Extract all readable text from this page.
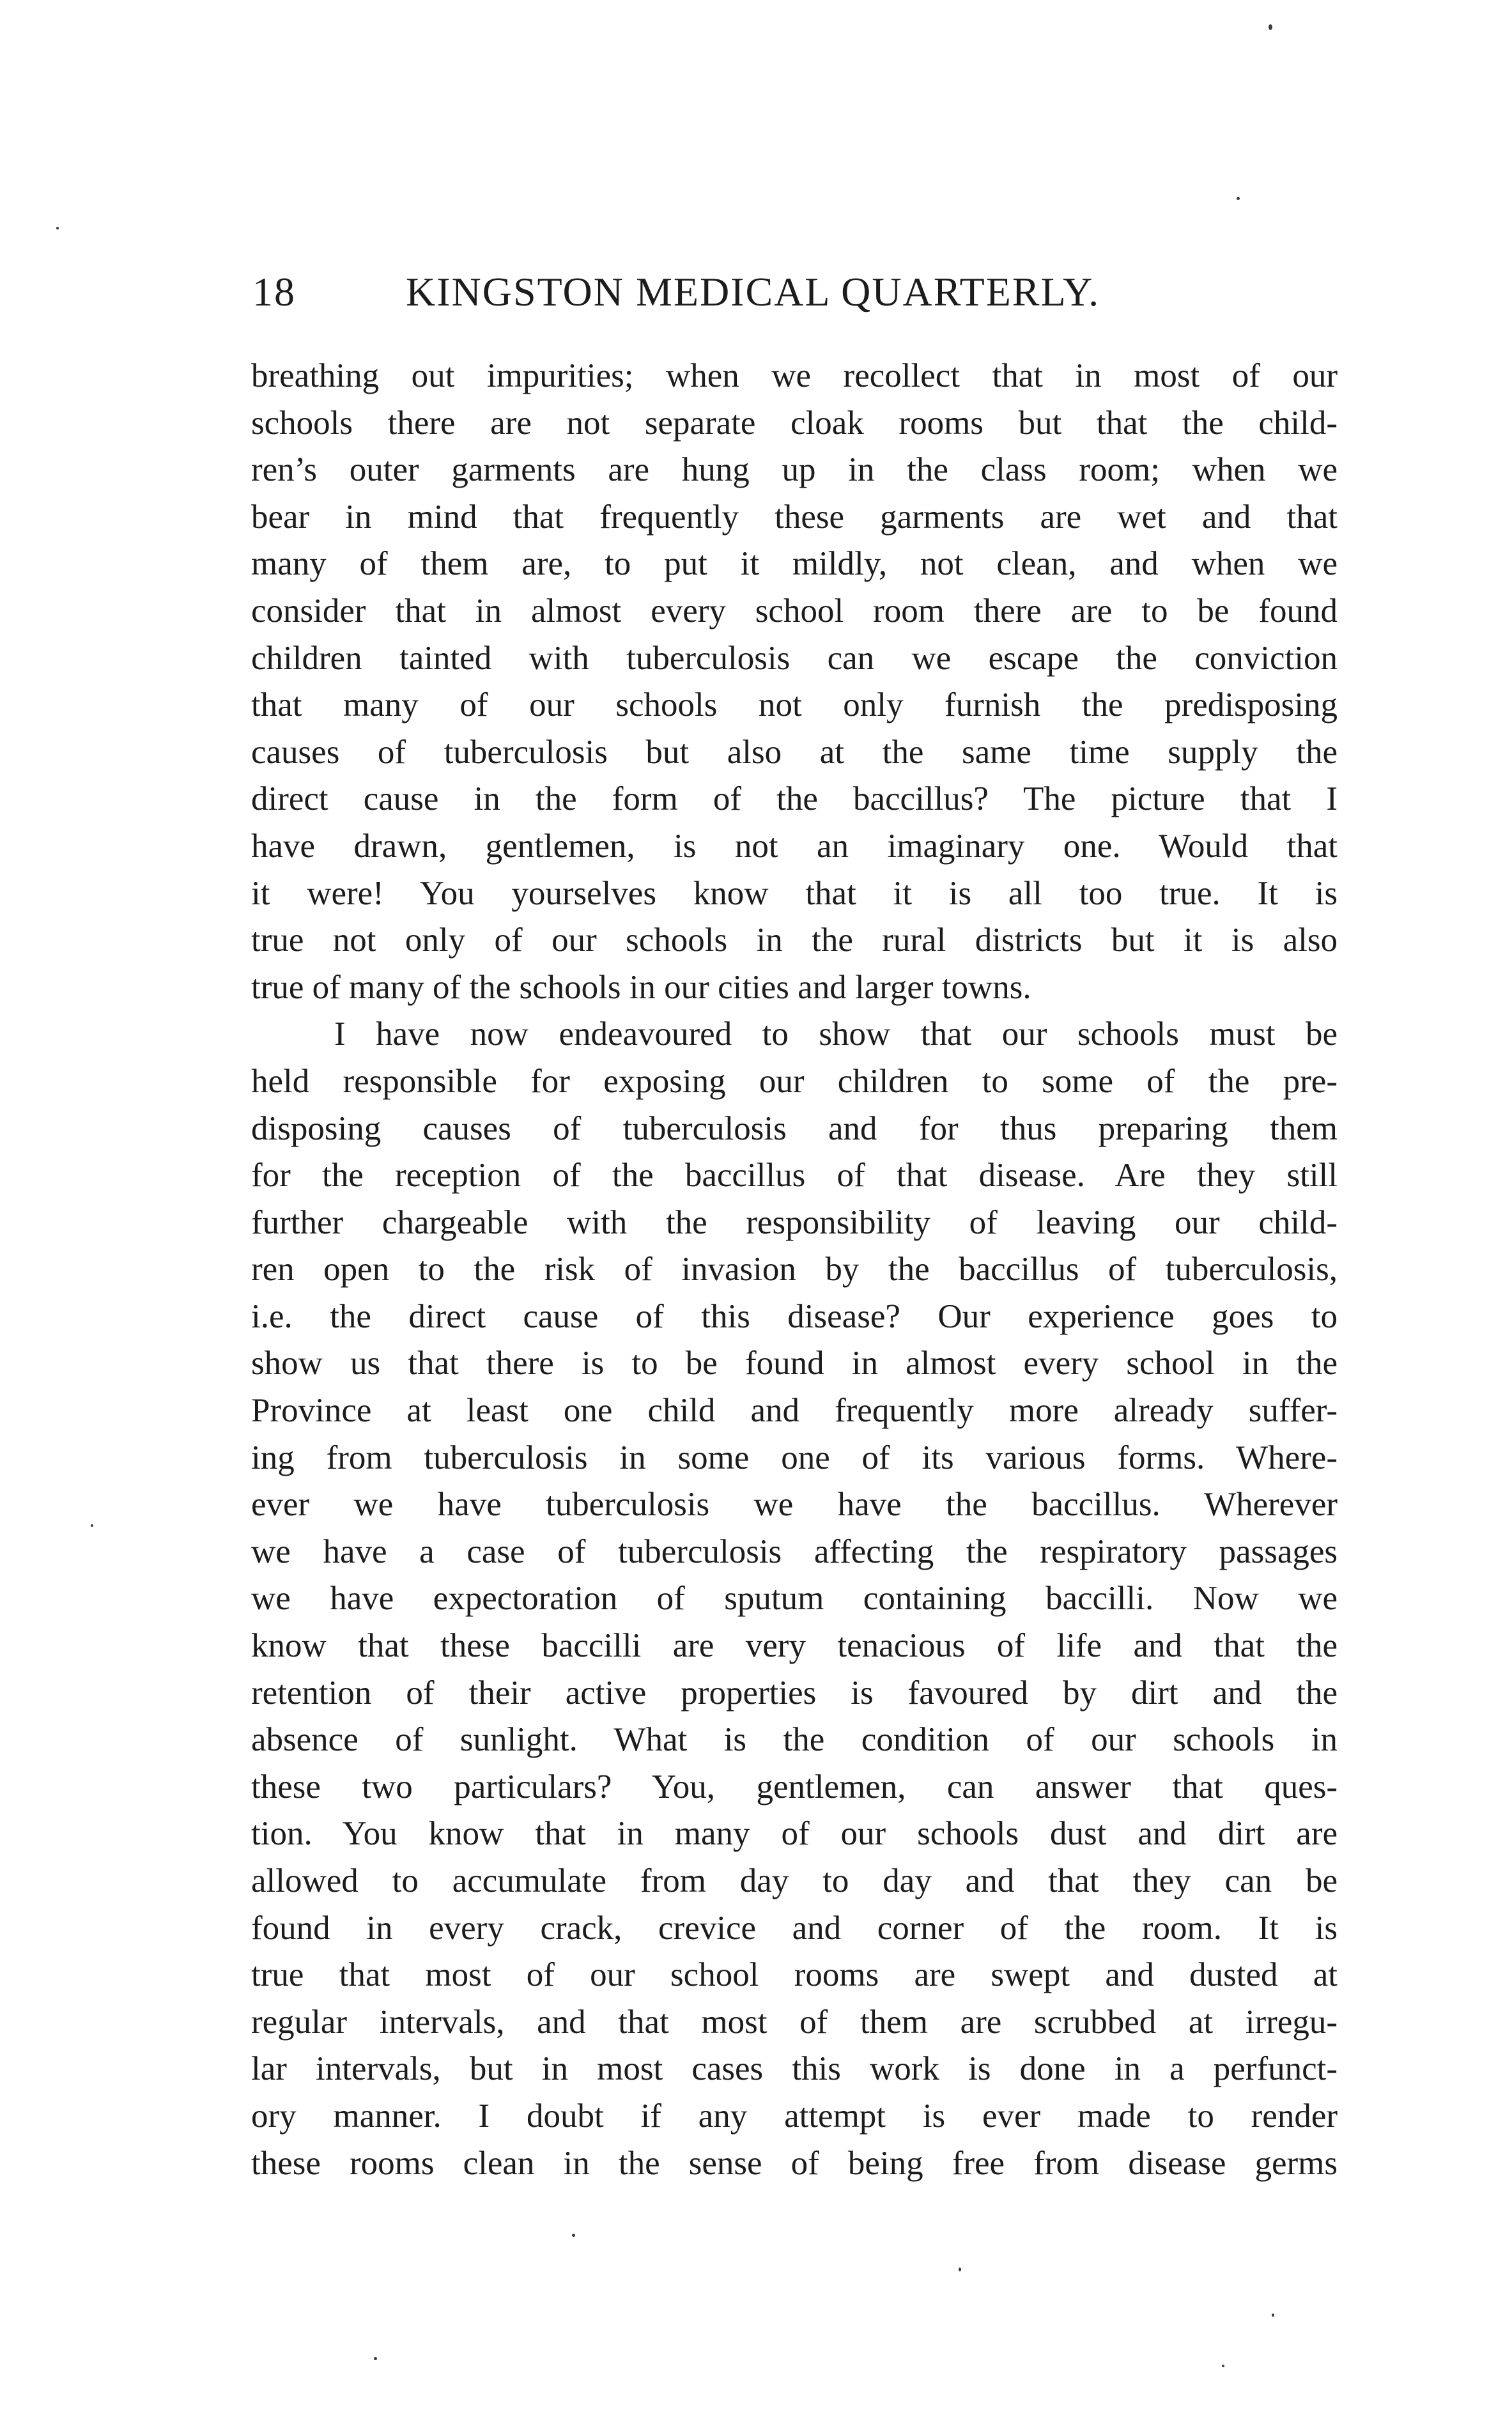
18	KINGSTON MEDICAL QUARTERLY.
breathing out impurities; when we recollect that in most of our
schools there are not separate cloak rooms but that the child-
ren’s outer garments are hung up in the class room; when we
bear in mind that frequently these garments are wet and that
many of them are, to put it mildly, not clean, and when we
consider that in almost every school room there are to be found
children tainted with tuberculosis can we escape the conviction
that many of our schools not only furnish the predisposing
causes of tuberculosis but also at the same time supply the
direct cause in the form of the baccillus? The picture that I
have drawn, gentlemen, is not an imaginary one. Would that
it were! You yourselves know that it is all too true. It is
true not only of our schools in the rural districts but it is also
true of many of the schools in our cities and larger towns.
I have now endeavoured to show that our schools must be
held responsible for exposing our children to some of the pre-
disposing causes of tuberculosis and for thus preparing them
for the reception of the baccillus of that disease. Are they still
further chargeable with the responsibility of leaving our child-
ren open to the risk of invasion by the baccillus of tuberculosis,
i.e. the direct cause of this disease? Our experience goes to
show us that there is to be found in almost every school in the
Province at least one child and frequently more already suffer-
ing from tuberculosis in some one of its various forms. Where-
ever we have tuberculosis we have the baccillus. Wherever
we have a case of tuberculosis affecting the respiratory passages
we have expectoration of sputum containing baccilli. Now we
know that these baccilli are very tenacious of life and that the
retention of their active properties is favoured by dirt and the
absence of sunlight. What is the condition of our schools in
these two particulars? You, gentlemen, can answer that ques-
tion. You know that in many of our schools dust and dirt are
allowed to accumulate from day to day and that they can be
found in every crack, crevice and corner of the room. It is
true that most of our school rooms are swept and dusted at
regular intervals, and that most of them are scrubbed at irregu-
lar intervals, but in most cases this work is done in a perfunct-
ory manner. I doubt if any attempt is ever made to render
these rooms clean in the sense of being free from disease germs
